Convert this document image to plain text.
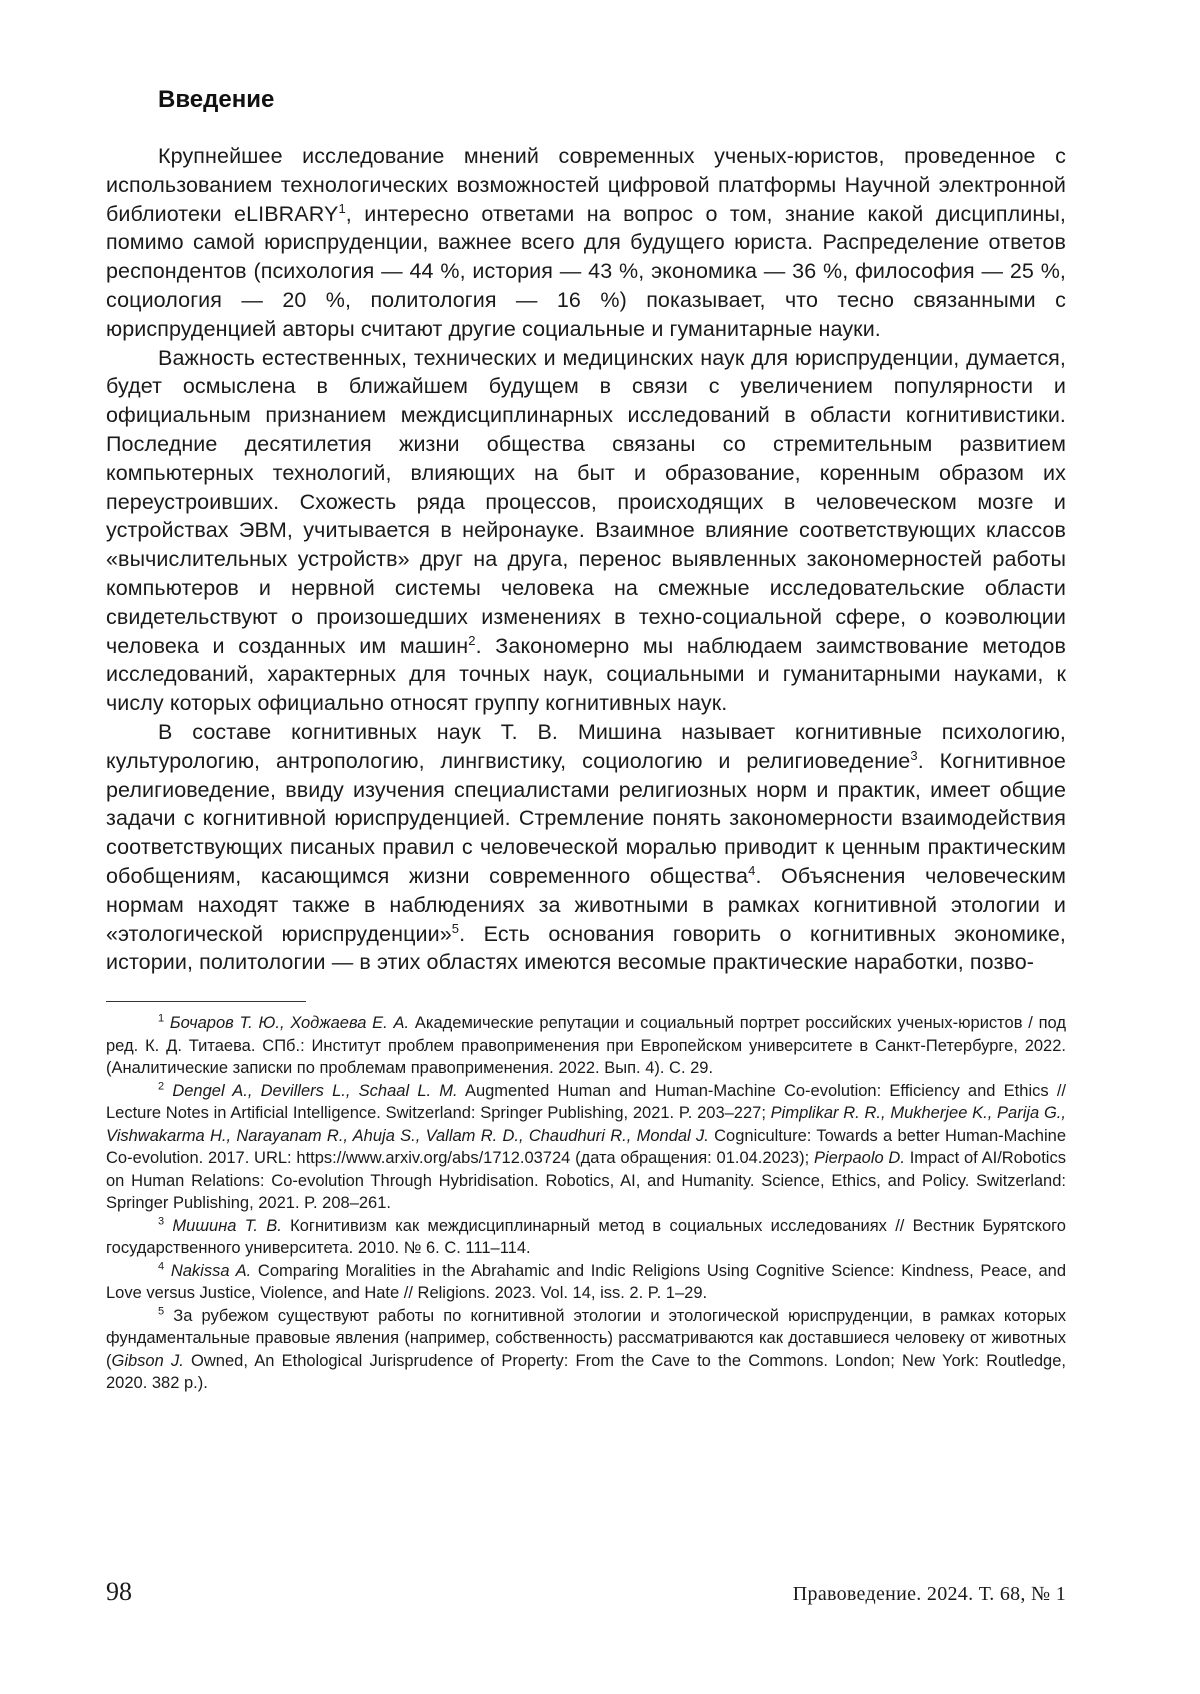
Введение

Крупнейшее исследование мнений современных ученых-юристов, проведенное с использованием технологических возможностей цифровой платформы Научной электронной библиотеки eLIBRARY$^1$, интересно ответами на вопрос о том, знание какой дисциплины, помимо самой юриспруденции, важнее всего для будущего юриста. Распределение ответов респондентов (психология — 44 %, история — 43 %, экономика — 36 %, философия — 25 %, социология — 20 %, политология — 16 %) показывает, что тесно связанными с юриспруденцией авторы считают другие социальные и гуманитарные науки.

Важность естественных, технических и медицинских наук для юриспруденции, думается, будет осмыслена в ближайшем будущем в связи с увеличением популярности и официальным признанием междисциплинарных исследований в области когнитивистики. Последние десятилетия жизни общества связаны со стремительным развитием компьютерных технологий, влияющих на быт и образование, коренным образом их переустроивших. Схожесть ряда процессов, происходящих в человеческом мозге и устройствах ЭВМ, учитывается в нейронауке. Взаимное влияние соответствующих классов «вычислительных устройств» друг на друга, перенос выявленных закономерностей работы компьютеров и нервной системы человека на смежные исследовательские области свидетельствуют о произошедших изменениях в техно-социальной сфере, о коэволюции человека и созданных им машин$^2$. Закономерно мы наблюдаем заимствование методов исследований, характерных для точных наук, социальными и гуманитарными науками, к числу которых официально относят группу когнитивных наук.

В составе когнитивных наук Т. В. Мишина называет когнитивные психологию, культурологию, антропологию, лингвистику, социологию и религиоведение$^3$. Когнитивное религиоведение, ввиду изучения специалистами религиозных норм и практик, имеет общие задачи с когнитивной юриспруденцией. Стремление понять закономерности взаимодействия соответствующих писаных правил с человеческой моралью приводит к ценным практическим обобщениям, касающимся жизни современного общества$^4$. Объяснения человеческим нормам находят также в наблюдениях за животными в рамках когнитивной этологии и «этологической юриспруденции»$^5$. Есть основания говорить о когнитивных экономике, истории, политологии — в этих областях имеются весомые практические наработки, позво-

$^1$ Бочаров Т. Ю., Ходжаева Е. А. Академические репутации и социальный портрет российских ученых-юристов / под ред. К. Д. Титаева. СПб.: Институт проблем правоприменения при Европейском университете в Санкт-Петербурге, 2022. (Аналитические записки по проблемам правоприменения. 2022. Вып. 4). С. 29.

$^2$ Dengel A., Devillers L., Schaal L. M. Augmented Human and Human-Machine Co-evolution: Efficiency and Ethics // Lecture Notes in Artificial Intelligence. Switzerland: Springer Publishing, 2021. P. 203–227; Pimplikar R. R., Mukherjee K., Parija G., Vishwakarma H., Narayanam R., Ahuja S., Vallam R. D., Chaudhuri R., Mondal J. Cogniculture: Towards a better Human-Machine Co-evolution. 2017. URL: https://www.arxiv.org/abs/1712.03724 (дата обращения: 01.04.2023); Pierpaolo D. Impact of AI/Robotics on Human Relations: Co-evolution Through Hybridisation. Robotics, AI, and Humanity. Science, Ethics, and Policy. Switzerland: Springer Publishing, 2021. P. 208–261.

$^3$ Мишина Т. В. Когнитивизм как междисциплинарный метод в социальных исследованиях // Вестник Бурятского государственного университета. 2010. № 6. С. 111–114.

$^4$ Nakissa A. Comparing Moralities in the Abrahamic and Indic Religions Using Cognitive Science: Kindness, Peace, and Love versus Justice, Violence, and Hate // Religions. 2023. Vol. 14, iss. 2. P. 1–29.

$^5$ За рубежом существуют работы по когнитивной этологии и этологической юриспруденции, в рамках которых фундаментальные правовые явления (например, собственность) рассматриваются как доставшиеся человеку от животных (Gibson J. Owned, An Ethological Jurisprudence of Property: From the Cave to the Commons. London; New York: Routledge, 2020. 382 p.).

98	Правоведение. 2024. Т. 68, № 1
